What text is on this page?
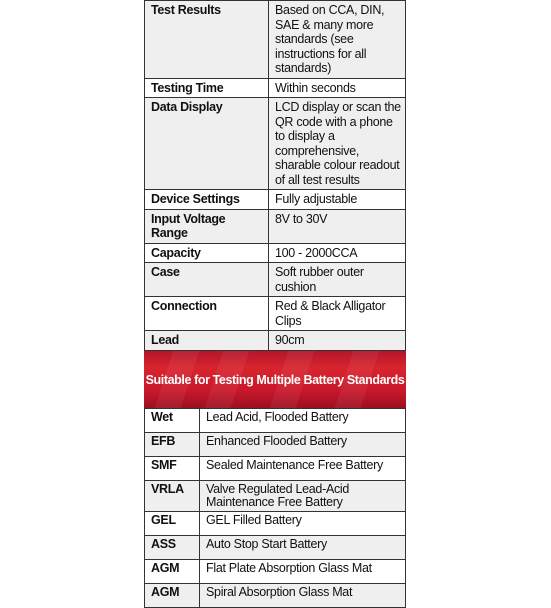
Test Results	Based on CCA, DIN, SAE & many more standards (see instructions for all standards)
Testing Time	Within seconds
Data Display	LCD display or scan the QR code with a phone to display a comprehensive, sharable colour readout of all test results
Device Settings	Fully adjustable
Input Voltage Range	8V to 30V
Capacity	100 - 2000CCA
Case	Soft rubber outer cushion
Connection	Red & Black Alligator Clips
Lead	90cm
Suitable for Testing Multiple Battery Standards
Wet	Lead Acid, Flooded Battery
EFB	Enhanced Flooded Battery
SMF	Sealed Maintenance Free Battery
VRLA	Valve Regulated Lead-Acid Maintenance Free Battery
GEL	GEL Filled Battery
ASS	Auto Stop Start Battery
AGM	Flat Plate Absorption Glass Mat
AGM	Spiral Absorption Glass Mat
